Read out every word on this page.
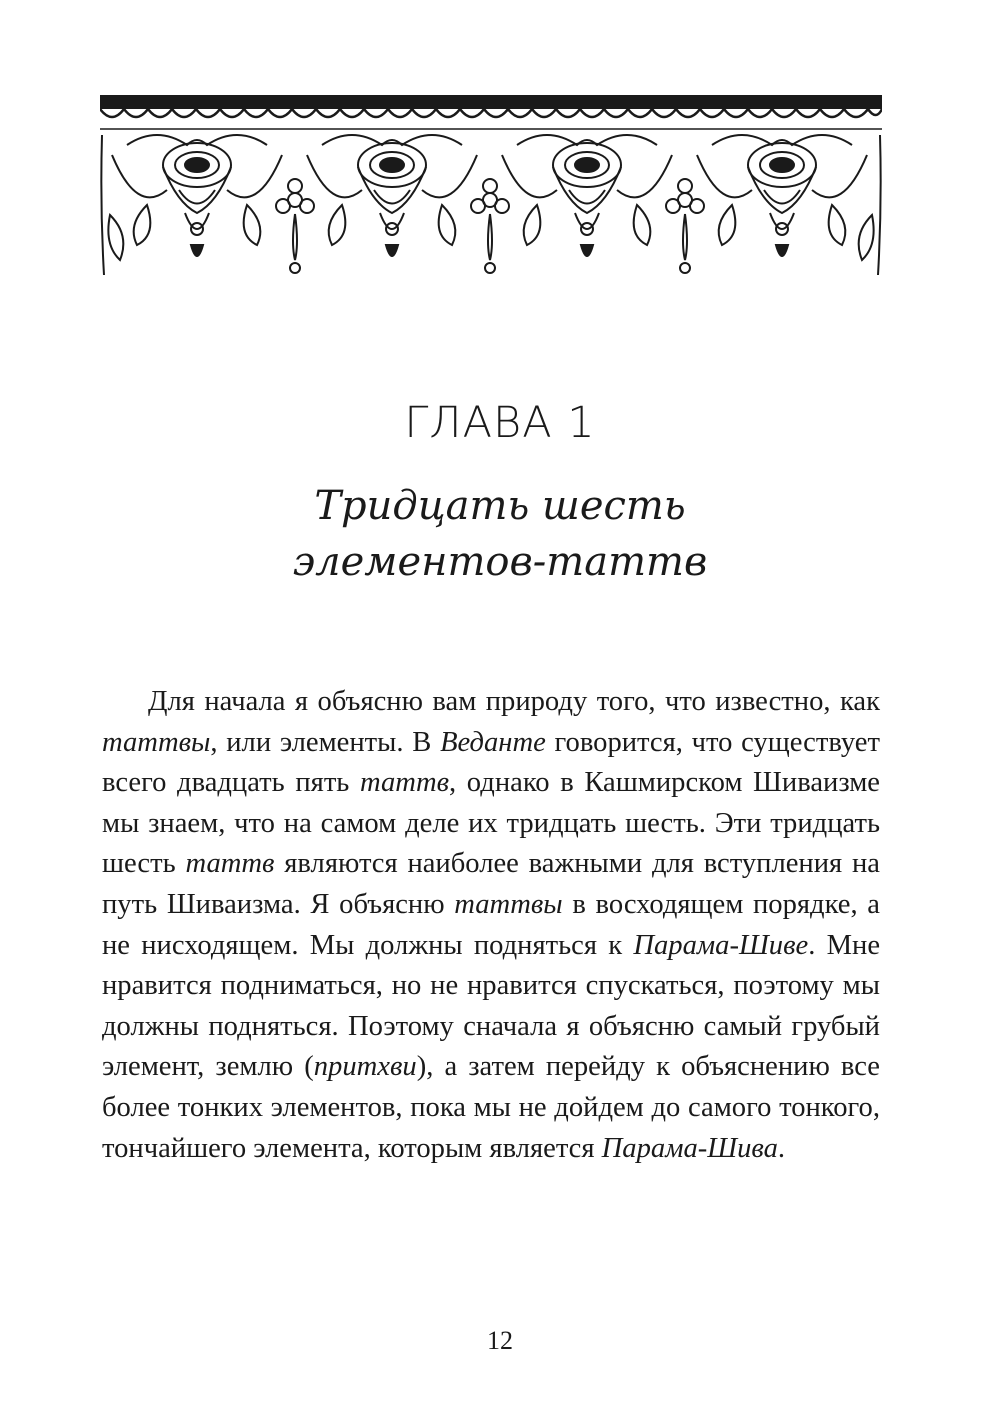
ГЛАВА 1
Тридцать шесть
элементов-таттв

Для начала я объясню вам природу того, что известно, как таттвы, или элементы. В Веданте говорится, что существует всего двадцать пять таттв, однако в Кашмирском Шиваизме мы знаем, что на самом деле их тридцать шесть. Эти тридцать шесть таттв являются наиболее важными для вступления на путь Шиваизма. Я объясню таттвы в восходящем порядке, а не нисходящем. Мы должны подняться к Парама-Шиве. Мне нравится подниматься, но не нравится спускаться, поэтому мы должны подняться. Поэтому сначала я объясню самый грубый элемент, землю (притхви), а затем перейду к объяснению все более тонких элементов, пока мы не дойдем до самого тонкого, тончайшего элемента, которым является Парама-Шива.

12
